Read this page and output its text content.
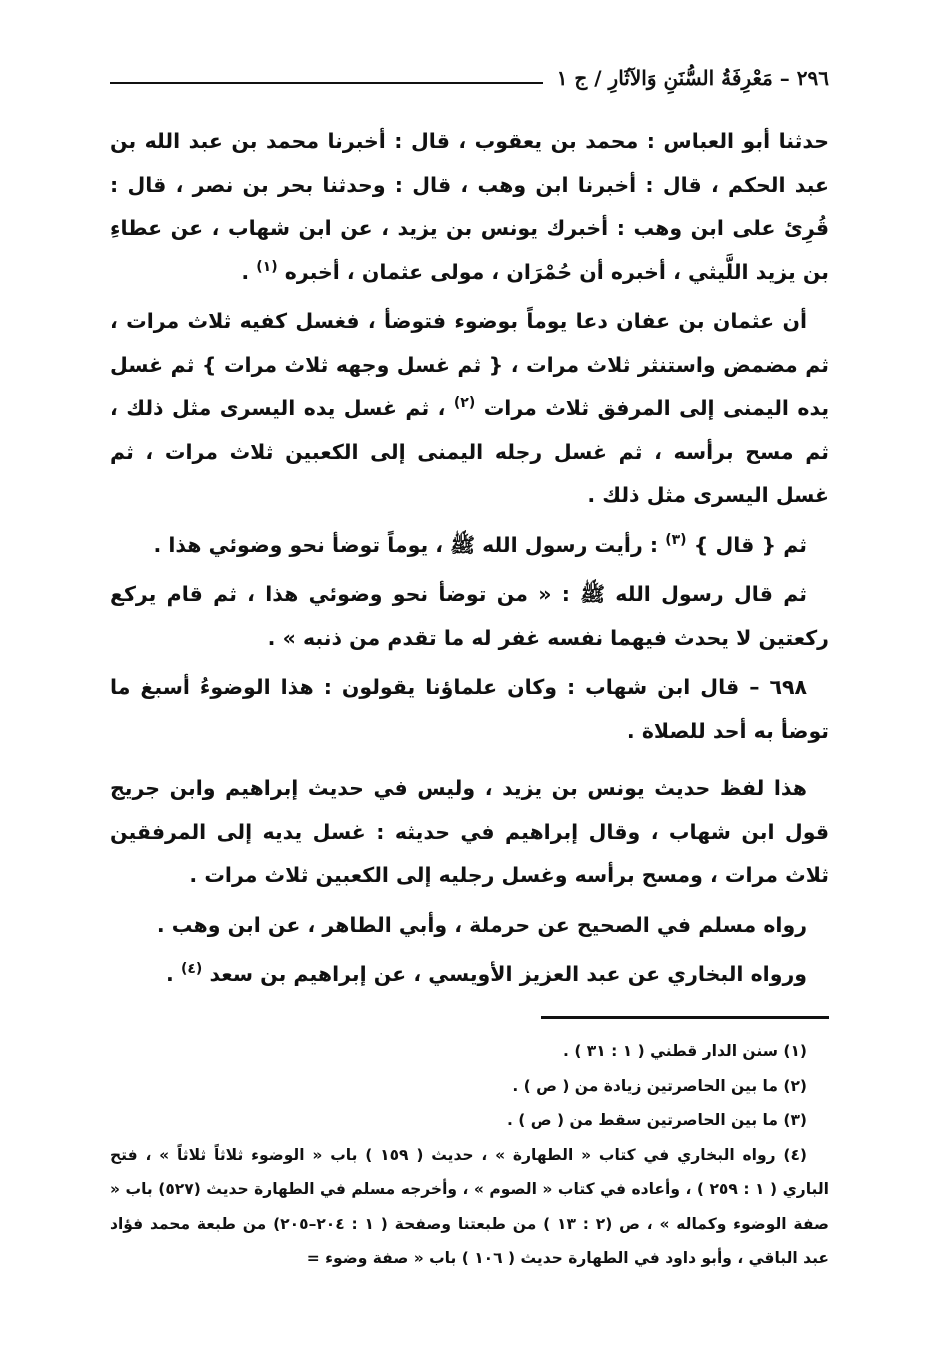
٢٩٦ – مَعْرِفَةُ السُّنَنِ وَالآثَارِ / ج ١

حدثنا أبو العباس : محمد بن يعقوب ، قال : أخبرنا محمد بن عبد الله بن عبد الحكم ، قال : أخبرنا ابن وهب ، قال : وحدثنا بحر بن نصر ، قال : قُرِئ على ابن وهب : أخبرك يونس بن يزيد ، عن ابن شهاب ، عن عطاءِ بن يزيد اللَّيثي ، أخبره أن حُمْرَان ، مولى عثمان ، أخبره $^{(١)}$ .

أن عثمان بن عفان دعا يوماً بوضوء فتوضأ ، فغسل كفيه ثلاث مرات ، ثم مضمض واستنثر ثلاث مرات ، { ثم غسل وجهه ثلاث مرات } ثم غسل يده اليمنى إلى المرفق ثلاث مرات $^{(٢)}$ ، ثم غسل يده اليسرى مثل ذلك ، ثم مسح برأسه ، ثم غسل رجله اليمنى إلى الكعبين ثلاث مرات ، ثم غسل اليسرى مثل ذلك .

ثم { قال } $^{(٣)}$ : رأيت رسول الله ﷺ ، يوماً توضأ نحو وضوئي هذا .

ثم قال رسول الله ﷺ : « من توضأ نحو وضوئي هذا ، ثم قام يركع ركعتين لا يحدث فيهما نفسه غفر له ما تقدم من ذنبه » .

٦٩٨ – قال ابن شهاب : وكان علماؤنا يقولون : هذا الوضوءُ أسبغ ما توضأ به أحد للصلاة .

هذا لفظ حديث يونس بن يزيد ، وليس في حديث إبراهيم وابن جريج قول ابن شهاب ، وقال إبراهيم في حديثه : غسل يديه إلى المرفقين ثلاث مرات ، ومسح برأسه وغسل رجليه إلى الكعبين ثلاث مرات .

رواه مسلم في الصحيح عن حرملة ، وأبي الطاهر ، عن ابن وهب .

ورواه البخاري عن عبد العزيز الأويسي ، عن إبراهيم بن سعد $^{(٤)}$ .

(١) سنن الدار قطني ( ١ : ٣١ ) .

(٢) ما بين الحاصرتين زيادة من ( ص ) .

(٣) ما بين الحاصرتين سقط من ( ص ) .

(٤) رواه البخاري في كتاب « الطهارة » ، حديث ( ١٥٩ ) باب « الوضوء ثلاثاً ثلاثاً » ، فتح الباري ( ١ : ٢٥٩ ) ، وأعاده في كتاب « الصوم » ، وأخرجه مسلم في الطهارة حديث (٥٢٧) باب « صفة الوضوء وكماله » ، ص (٢ : ١٣ ) من طبعتنا وصفحة ( ١ : ٢٠٤–٢٠٥) من طبعة محمد فؤاد عبد الباقي ، وأبو داود في الطهارة حديث ( ١٠٦ ) باب « صفة وضوء =
